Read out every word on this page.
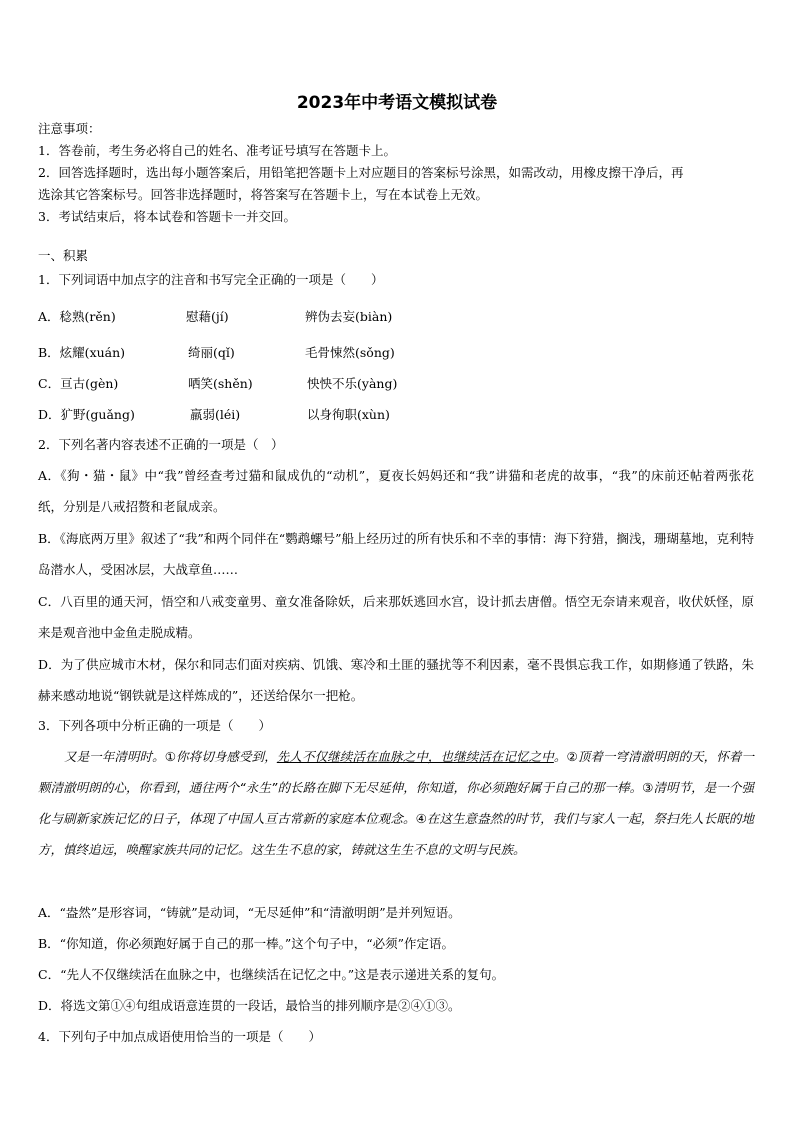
2023年中考语文模拟试卷
注意事项：
1．答卷前，考生务必将自己的姓名、准考证号填写在答题卡上。
2．回答选择题时，选出每小题答案后，用铅笔把答题卡上对应题目的答案标号涂黑，如需改动，用橡皮擦干净后，再
选涂其它答案标号。回答非选择题时，将答案写在答题卡上，写在本试卷上无效。
3．考试结束后，将本试卷和答题卡一并交回。
一、积累
1．下列词语中加点字的注音和书写完全正确的一项是（　　）
A．稔熟(rěn)	慰藉(jí)	辨伪去妄(biàn)
B．炫耀(xuán)	绮丽(qǐ)	毛骨悚然(sǒng)
C．亘古(gèn)	哂笑(shěn)	怏怏不乐(yàng)
D．犷野(guǎng)	羸弱(léi)	以身徇职(xùn)
2．下列名著内容表述不正确的一项是（　）
A．《狗・猫・鼠》中“我”曾经查考过猫和鼠成仇的“动机”，夏夜长妈妈还和“我”讲猫和老虎的故事，“我”的床前还帖着两张花纸，分别是八戒招赘和老鼠成亲。
B．《海底两万里》叙述了“我”和两个同伴在“鹦鹉螺号”船上经历过的所有快乐和不幸的事情：海下狩猎，搁浅，珊瑚墓地，克利特岛潜水人，受困冰层，大战章鱼……
C．八百里的通天河，悟空和八戒变童男、童女准备除妖，后来那妖逃回水宫，设计抓去唐僧。悟空无奈请来观音，收伏妖怪，原来是观音池中金鱼走脱成精。
D．为了供应城市木材，保尔和同志们面对疾病、饥饿、寒冷和土匪的骚扰等不利因素，毫不畏惧忘我工作，如期修通了铁路，朱赫来感动地说“钢铁就是这样炼成的”，还送给保尔一把枪。
3．下列各项中分析正确的一项是（　　）
又是一年清明时。①你将切身感受到，先人不仅继续活在血脉之中，也继续活在记忆之中。②顶着一穹清澈明朗的天，怀着一颗清澈明朗的心，你看到，通往两个“永生”的长路在脚下无尽延伸，你知道，你必须跑好属于自己的那一棒。③清明节，是一个强化与刷新家族记忆的日子，体现了中国人亘古常新的家庭本位观念。④在这生意盎然的时节，我们与家人一起，祭扫先人长眠的地方，慎终追远，唤醒家族共同的记忆。这生生不息的家，铸就这生生不息的文明与民族。
A．“盎然”是形容词，“铸就”是动词，“无尽延伸”和“清澈明朗”是并列短语。
B．“你知道，你必须跑好属于自己的那一棒。”这个句子中，“必须”作定语。
C．“先人不仅继续活在血脉之中，也继续活在记忆之中。”这是表示递进关系的复句。
D．将选文第①④句组成语意连贯的一段话，最恰当的排列顺序是②④①③。
4．下列句子中加点成语使用恰当的一项是（　　）
